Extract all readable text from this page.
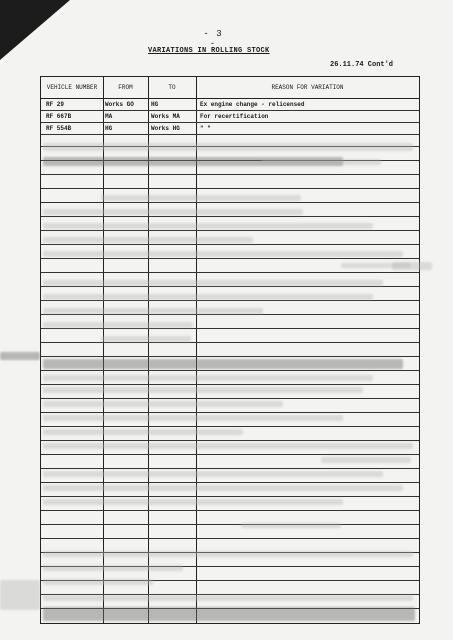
- 3 -
VARIATIONS IN ROLLING STOCK
26.11.74 Cont'd
VEHICLE NUMBER	FROM	TO	REASON FOR VARIATION
RF 29	Works GO	HG	Ex engine change - relicensed
RF 667B	MA	Works MA	For recertification
RF 554B	HG	Works HG	" "
